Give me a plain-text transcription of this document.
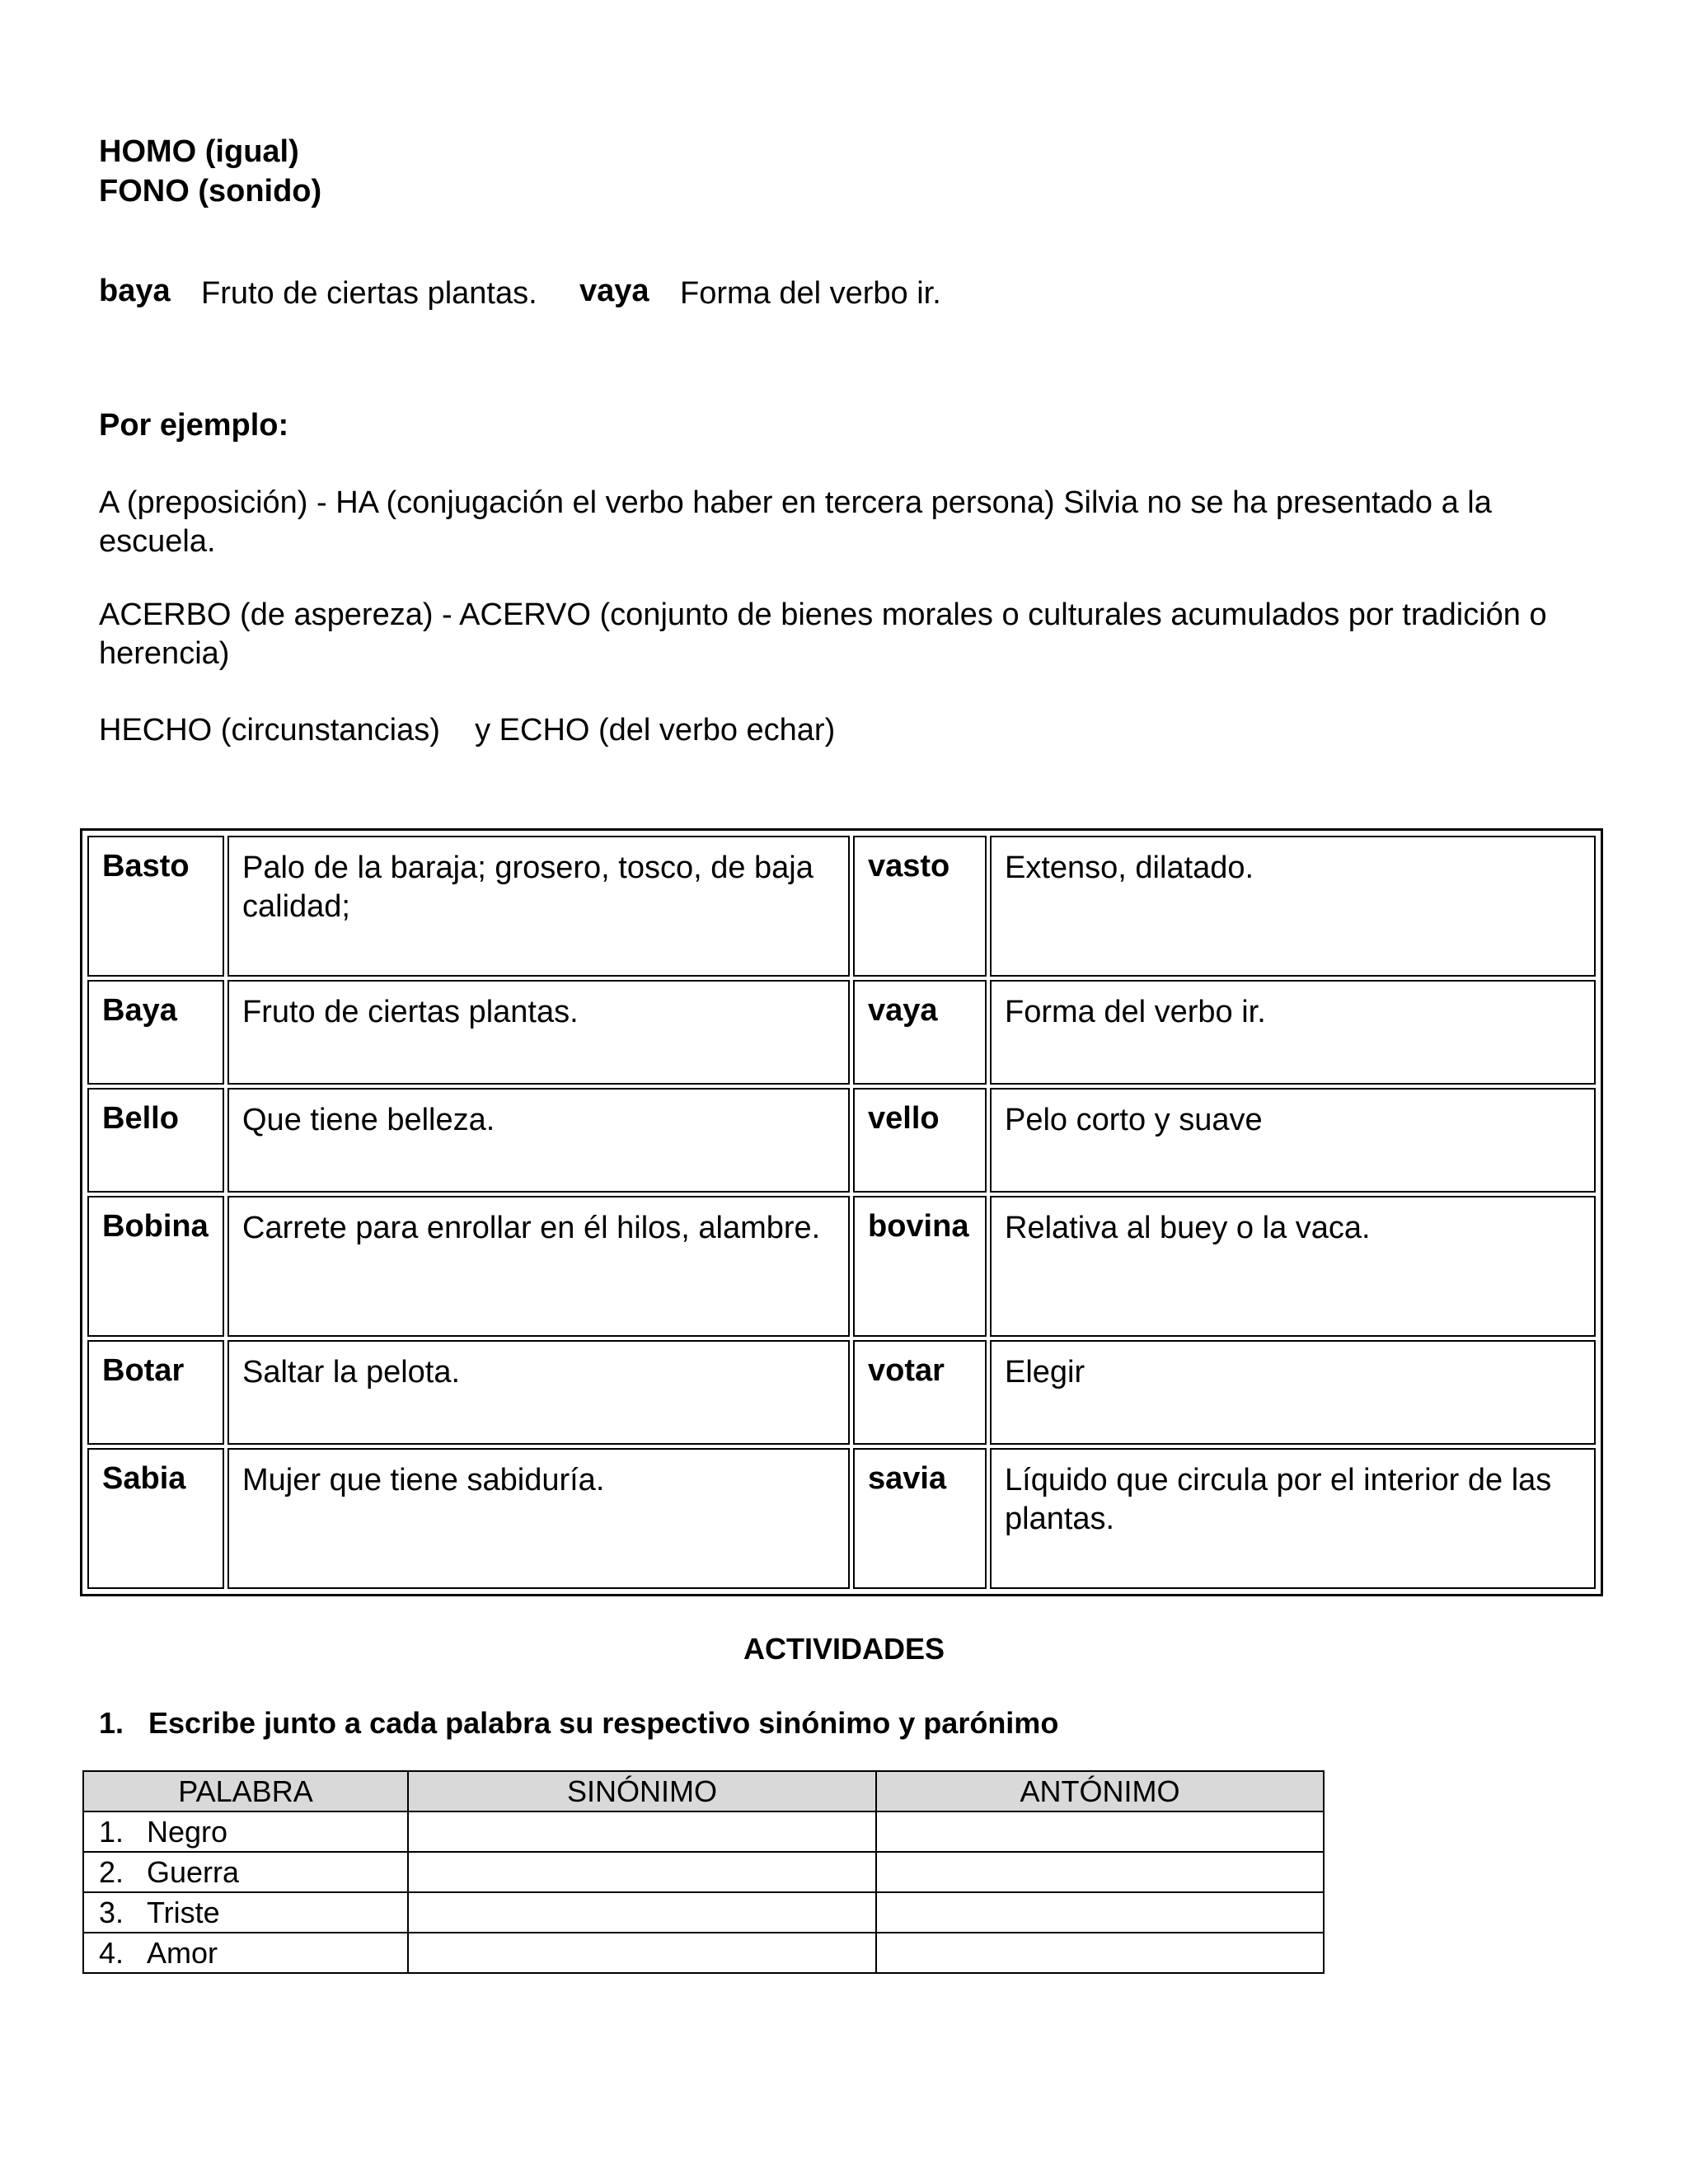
HOMO (igual)
FONO (sonido)
baya Fruto de ciertas plantas. vaya Forma del verbo ir.
Por ejemplo:
A (preposición) - HA (conjugación el verbo haber en tercera persona) Silvia no se ha presentado a la escuela.
ACERBO (de aspereza) - ACERVO (conjunto de bienes morales o culturales acumulados por tradición o herencia)
HECHO (circunstancias)    y ECHO (del verbo echar)
Basto	Palo de la baraja; grosero, tosco, de baja calidad;	vasto	Extenso, dilatado.
Baya	Fruto de ciertas plantas.	vaya	Forma del verbo ir.
Bello	Que tiene belleza.	vello	Pelo corto y suave
Bobina	Carrete para enrollar en él hilos, alambre.	bovina	Relativa al buey o la vaca.
Botar	Saltar la pelota.	votar	Elegir
Sabia	Mujer que tiene sabiduría.	savia	Líquido que circula por el interior de las plantas.
ACTIVIDADES
1. Escribe junto a cada palabra su respectivo sinónimo y parónimo
PALABRA	SINÓNIMO	ANTÓNIMO
1. Negro		
2. Guerra		
3. Triste		
4. Amor		
